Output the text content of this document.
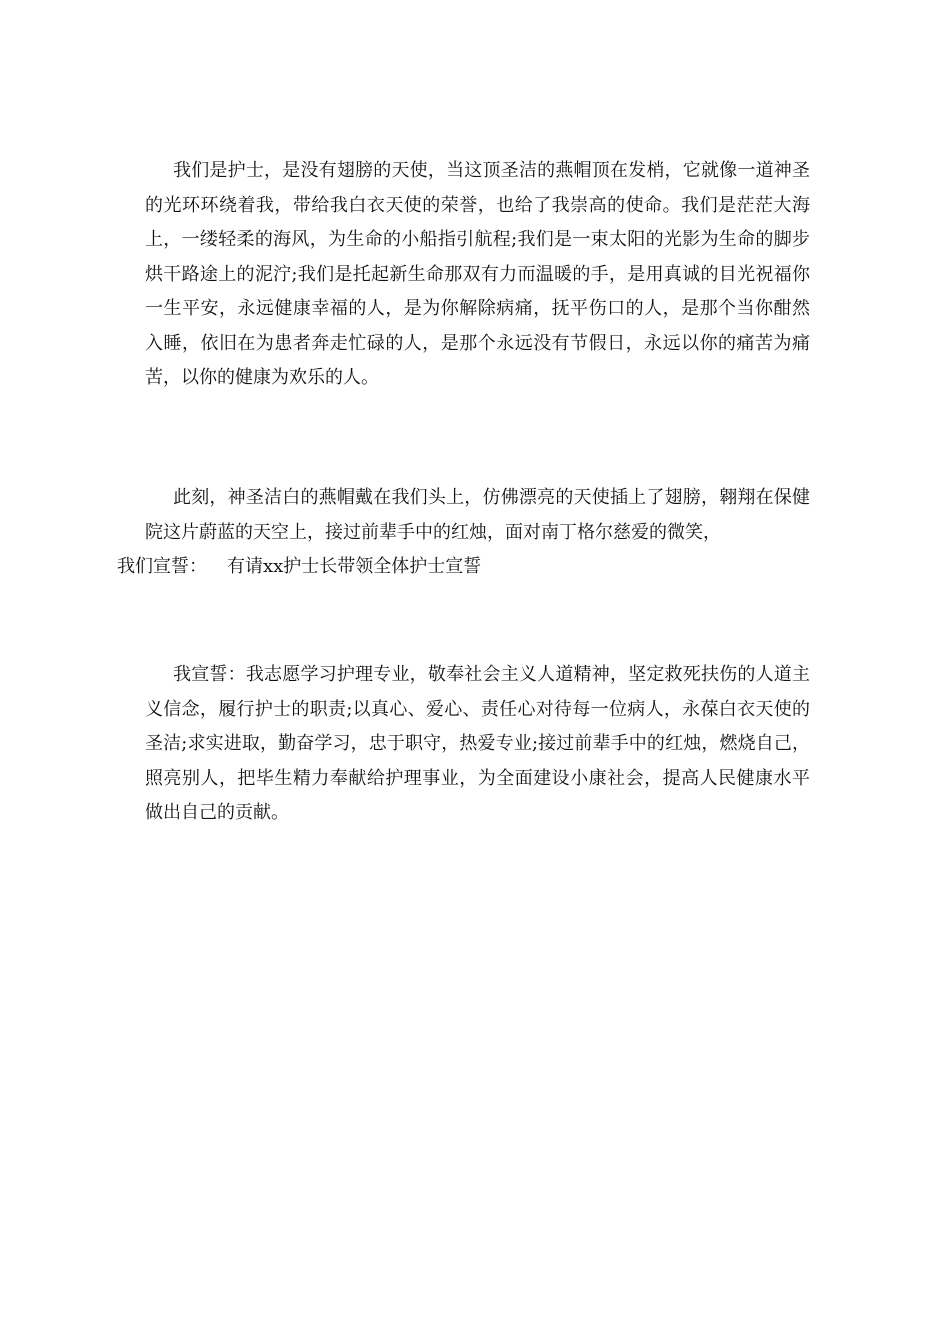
我们是护士，是没有翅膀的天使，当这顶圣洁的燕帽顶在发梢，它就像一道神圣的光环环绕着我，带给我白衣天使的荣誉，也给了我崇高的使命。我们是茫茫大海上，一缕轻柔的海风，为生命的小船指引航程;我们是一束太阳的光影为生命的脚步烘干路途上的泥泞;我们是托起新生命那双有力而温暖的手，是用真诚的目光祝福你一生平安，永远健康幸福的人，是为你解除病痛，抚平伤口的人，是那个当你酣然入睡，依旧在为患者奔走忙碌的人，是那个永远没有节假日，永远以你的痛苦为痛苦，以你的健康为欢乐的人。

此刻，神圣洁白的燕帽戴在我们头上，仿佛漂亮的天使插上了翅膀，翱翔在保健院这片蔚蓝的天空上，接过前辈手中的红烛，面对南丁格尔慈爱的微笑，
我们宣誓： 有请xx护士长带领全体护士宣誓

我宣誓：我志愿学习护理专业，敬奉社会主义人道精神，坚定救死扶伤的人道主义信念，履行护士的职责;以真心、爱心、责任心对待每一位病人，永葆白衣天使的圣洁;求实进取，勤奋学习，忠于职守，热爱专业;接过前辈手中的红烛，燃烧自己，照亮别人，把毕生精力奉献给护理事业，为全面建设小康社会，提高人民健康水平做出自己的贡献。
